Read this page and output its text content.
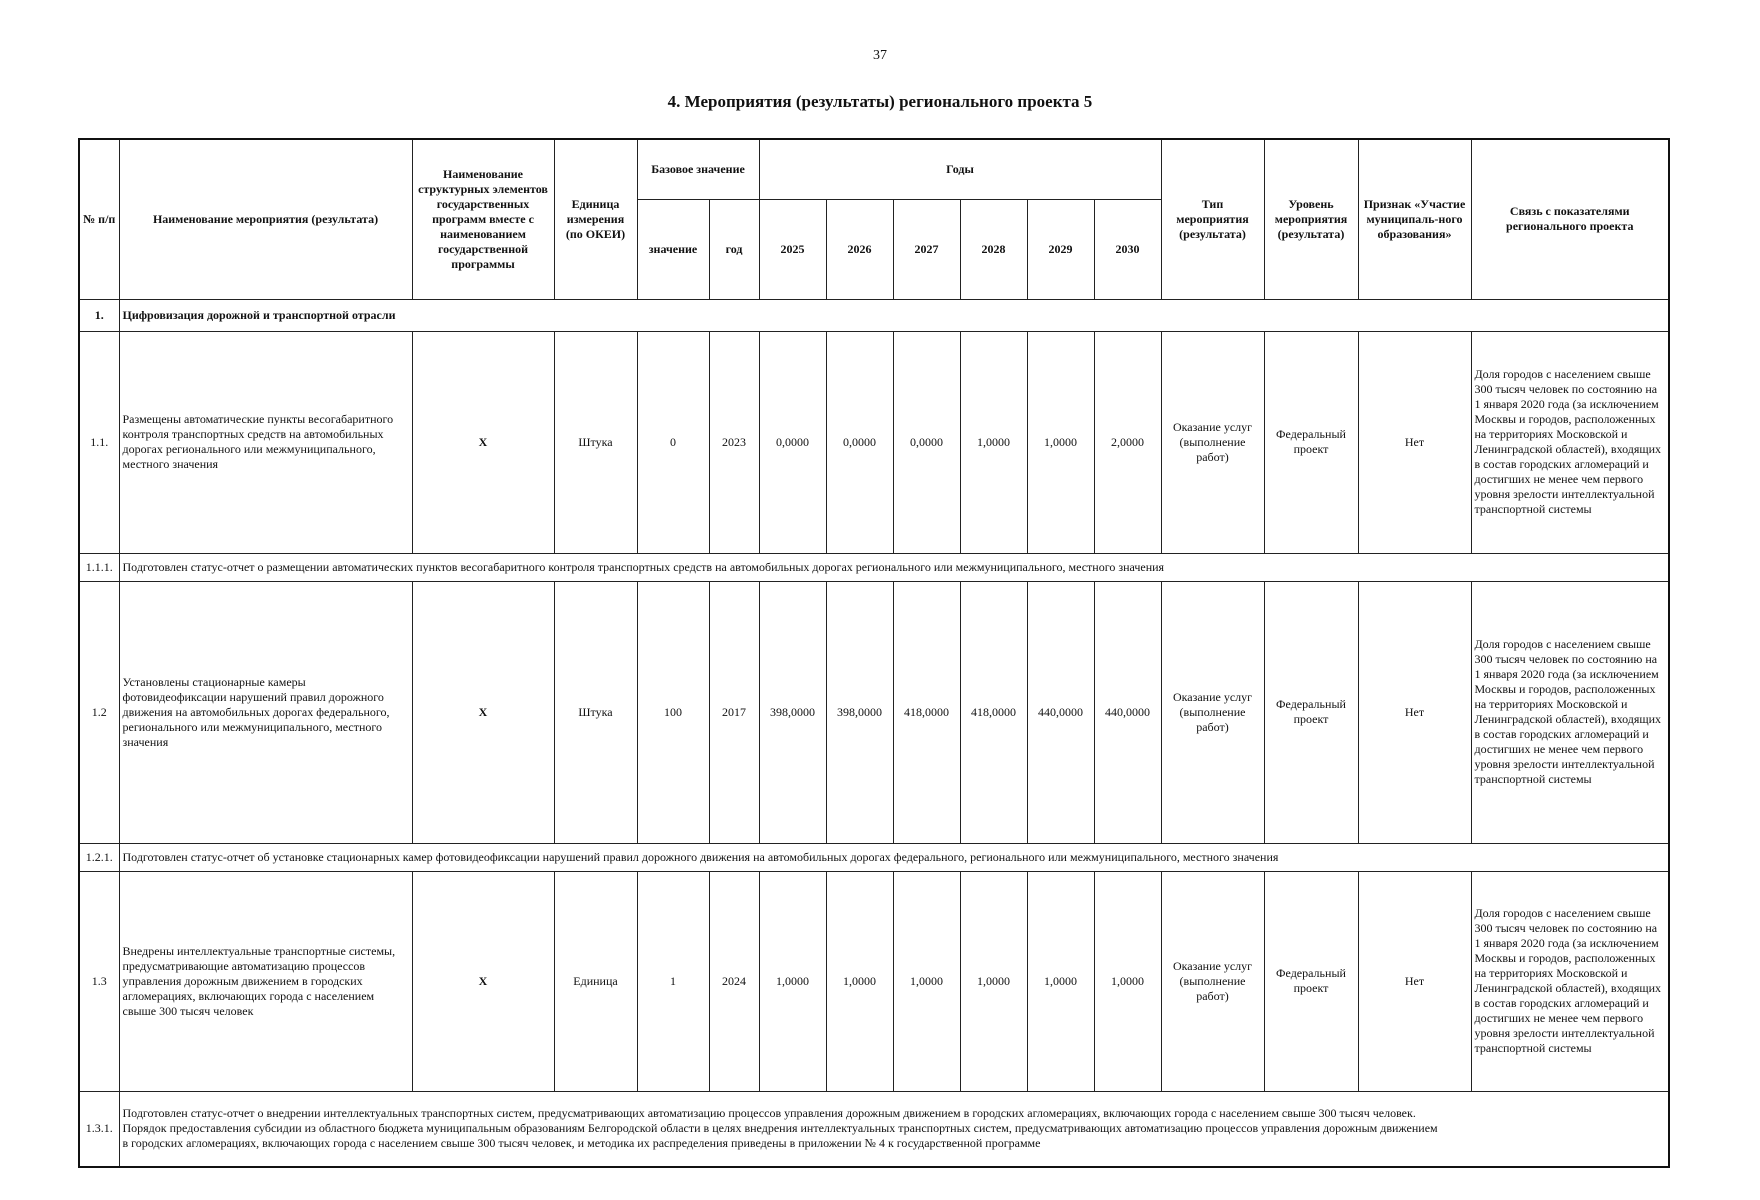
37
4. Мероприятия (результаты) регионального проекта 5
№ п/п	Наименование мероприятия (результата)	Наименование структурных элементов государственных программ вместе с наименованием государственной программы	Единица измерения (по ОКЕИ)	Базовое значение		Годы						Тип мероприятия (результата)	Уровень мероприятия (результата)	Признак «Участие муниципаль-ного образования»	Связь с показателями регионального проекта
				значение	год	2025	2026	2027	2028	2029	2030				
1.	Цифровизация дорожной и транспортной отрасли														
1.1.	Размещены автоматические пункты весогабаритного контроля транспортных средств на автомобильных дорогах регионального или межмуниципального, местного значения	X	Штука	0	2023	0,0000	0,0000	0,0000	1,0000	1,0000	2,0000	Оказание услуг (выполнение работ)	Федеральный проект	Нет	Доля городов с населением свыше 300 тысяч человек по состоянию на 1 января 2020 года (за исключением Москвы и городов, расположенных на территориях Московской и Ленинградской областей), входящих в состав городских агломераций и достигших не менее чем первого уровня зрелости интеллектуальной транспортной системы
1.1.1.	Подготовлен статус-отчет о размещении автоматических пунктов весогабаритного контроля транспортных средств на автомобильных дорогах регионального или межмуниципального, местного значения														
1.2	Установлены стационарные камеры фотовидеофиксации нарушений правил дорожного движения на автомобильных дорогах федерального, регионального или межмуниципального, местного значения	X	Штука	100	2017	398,0000	398,0000	418,0000	418,0000	440,0000	440,0000	Оказание услуг (выполнение работ)	Федеральный проект	Нет	Доля городов с населением свыше 300 тысяч человек по состоянию на 1 января 2020 года (за исключением Москвы и городов, расположенных на территориях Московской и Ленинградской областей), входящих в состав городских агломераций и достигших не менее чем первого уровня зрелости интеллектуальной транспортной системы
1.2.1.	Подготовлен статус-отчет об установке стационарных камер фотовидеофиксации нарушений правил дорожного движения на автомобильных дорогах федерального, регионального или межмуниципального, местного значения														
1.3	Внедрены интеллектуальные транспортные системы, предусматривающие автоматизацию процессов управления дорожным движением в городских агломерациях, включающих города с населением свыше 300 тысяч человек	X	Единица	1	2024	1,0000	1,0000	1,0000	1,0000	1,0000	1,0000	Оказание услуг (выполнение работ)	Федеральный проект	Нет	Доля городов с населением свыше 300 тысяч человек по состоянию на 1 января 2020 года (за исключением Москвы и городов, расположенных на территориях Московской и Ленинградской областей), входящих в состав городских агломераций и достигших не менее чем первого уровня зрелости интеллектуальной транспортной системы
1.3.1.	Подготовлен статус-отчет о внедрении интеллектуальных транспортных систем, предусматривающих автоматизацию процессов управления дорожным движением в городских агломерациях, включающих города с населением свыше 300 тысяч человек.
Порядок предоставления субсидии из областного бюджета муниципальным образованиям Белгородской области в целях внедрения интеллектуальных транспортных систем, предусматривающих автоматизацию процессов управления дорожным движением
в городских агломерациях, включающих города с населением свыше 300 тысяч человек, и методика их распределения приведены в приложении № 4 к государственной программе														
